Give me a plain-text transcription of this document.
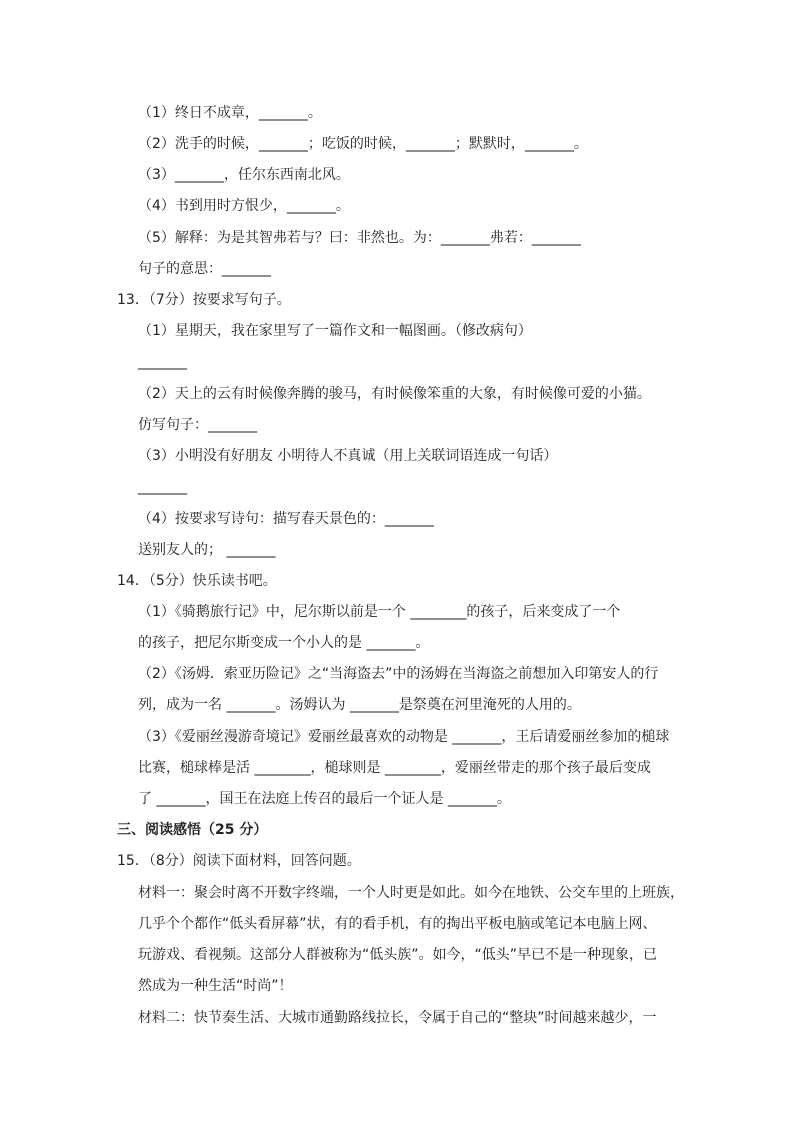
（1）终日不成章，_______。
（2）洗手的时候，_______；吃饭的时候，_______；默默时，_______。
（3）_______，任尔东西南北风。
（4）书到用时方恨少，_______。
（5）解释：为是其智弗若与？曰：非然也。为：_______弗若：_______
句子的意思：_______
13．（7分）按要求写句子。
（1）星期天，我在家里写了一篇作文和一幅图画。（修改病句）
_______
（2）天上的云有时候像奔腾的骏马，有时候像笨重的大象，有时候像可爱的小猫。
仿写句子：_______
（3）小明没有好朋友 小明待人不真诚（用上关联词语连成一句话）
_______
（4）按要求写诗句：描写春天景色的：_______
送别友人的； _______
14．（5分）快乐读书吧。
（1）《骑鹅旅行记》中，尼尔斯以前是一个 ________的孩子，后来变成了一个
的孩子，把尼尔斯变成一个小人的是 _______。
（2）《汤姆．索亚历险记》之“当海盗去”中的汤姆在当海盗之前想加入印第安人的行
列，成为一名 _______。汤姆认为 _______是祭奠在河里淹死的人用的。
（3）《爱丽丝漫游奇境记》爱丽丝最喜欢的动物是 _______，王后请爱丽丝参加的槌球
比赛，槌球棒是活 ________，槌球则是 ________，爱丽丝带走的那个孩子最后变成
了 _______，国王在法庭上传召的最后一个证人是 _______。
三、阅读感悟（25 分）
15．（8分）阅读下面材料，回答问题。
材料一：聚会时离不开数字终端，一个人时更是如此。如今在地铁、公交车里的上班族，
几乎个个都作“低头看屏幕”状，有的看手机，有的掏出平板电脑或笔记本电脑上网、
玩游戏、看视频。这部分人群被称为“低头族”。如今，“低头”早已不是一种现象，已
然成为一种生活“时尚”！
材料二：快节奏生活、大城市通勤路线拉长，令属于自己的“整块”时间越来越少，一
